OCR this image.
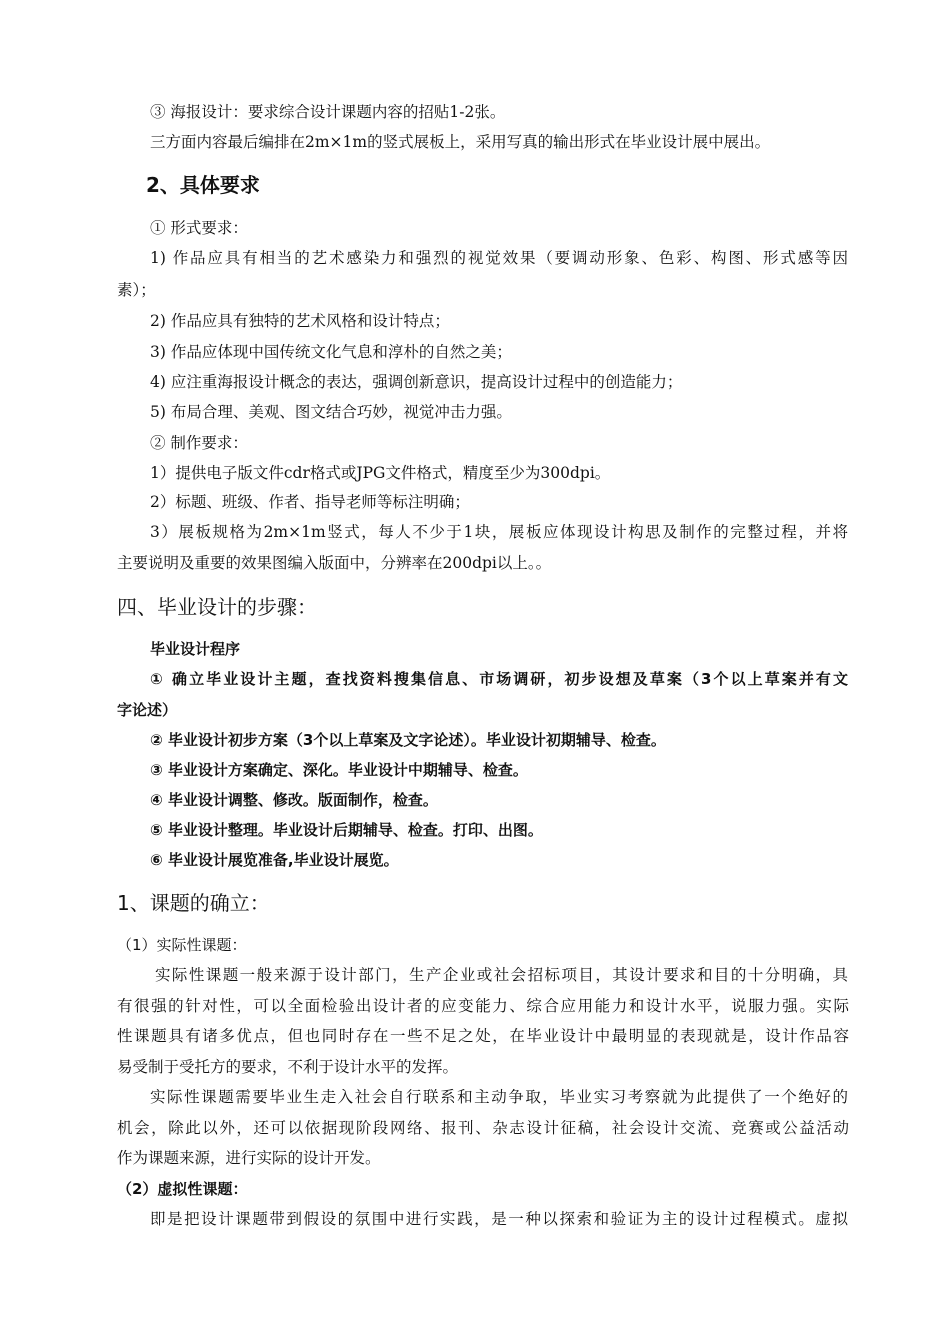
③ 海报设计：要求综合设计课题内容的招贴1-2张。
三方面内容最后编排在2m×1m的竖式展板上，采用写真的输出形式在毕业设计展中展出。
2、具体要求
① 形式要求：
1) 作品应具有相当的艺术感染力和强烈的视觉效果（要调动形象、色彩、构图、形式感等因
素）；
2) 作品应具有独特的艺术风格和设计特点；
3) 作品应体现中国传统文化气息和淳朴的自然之美；
4) 应注重海报设计概念的表达，强调创新意识，提高设计过程中的创造能力；
5) 布局合理、美观、图文结合巧妙，视觉冲击力强。
② 制作要求：
1）提供电子版文件cdr格式或JPG文件格式，精度至少为300dpi。
2）标题、班级、作者、指导老师等标注明确；
3）展板规格为2m×1m竖式，每人不少于1块，展板应体现设计构思及制作的完整过程，并将
主要说明及重要的效果图编入版面中，分辨率在200dpi以上。。
四、毕业设计的步骤：
毕业设计程序
① 确立毕业设计主题，查找资料搜集信息、市场调研，初步设想及草案（3个以上草案并有文
字论述）
② 毕业设计初步方案（3个以上草案及文字论述）。毕业设计初期辅导、检查。
③ 毕业设计方案确定、深化。毕业设计中期辅导、检查。
④ 毕业设计调整、修改。版面制作，检查。
⑤ 毕业设计整理。毕业设计后期辅导、检查。打印、出图。
⑥ 毕业设计展览准备,毕业设计展览。
1、课题的确立：
（1）实际性课题：
实际性课题一般来源于设计部门，生产企业或社会招标项目，其设计要求和目的十分明确，具
有很强的针对性，可以全面检验出设计者的应变能力、综合应用能力和设计水平，说服力强。实际
性课题具有诸多优点，但也同时存在一些不足之处，在毕业设计中最明显的表现就是，设计作品容
易受制于受托方的要求，不利于设计水平的发挥。
实际性课题需要毕业生走入社会自行联系和主动争取，毕业实习考察就为此提供了一个绝好的
机会，除此以外，还可以依据现阶段网络、报刊、杂志设计征稿，社会设计交流、竞赛或公益活动
作为课题来源，进行实际的设计开发。
（2）虚拟性课题：
即是把设计课题带到假设的氛围中进行实践，是一种以探索和验证为主的设计过程模式。虚拟
